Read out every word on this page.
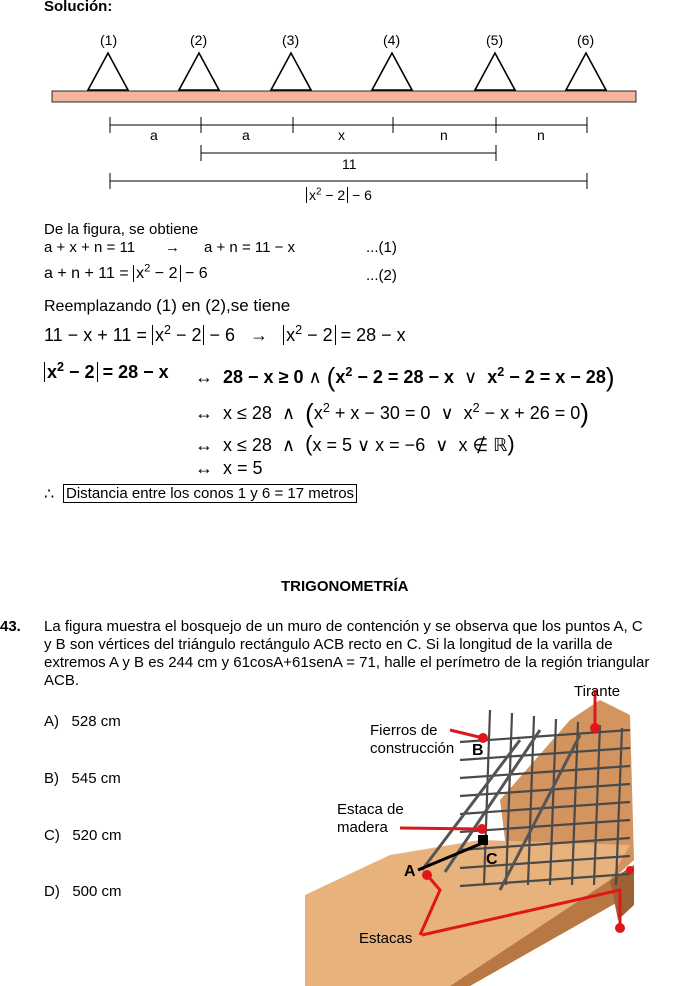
Solución:
(1)	(2)	(3)	(4)	(5)	(6)
a	a	x	n	n
11
$x^2 - 2 - 6$
De la figura, se obtiene
a + x + n = 11 → a + n = 11 − x	...(1)
$a + n + 11 = x^2 - 2 - 6$	...(2)
Reemplazando (1) en (2),se tiene
$11 - x + 11 = x^2 - 2 - 6 \to x^2 - 2 = 28 - x$
$x^2 - 2 = 28 - x$ ↔ 28 − x ≥ 0 ∧ ($x^2 - 2 = 28 - x$ ∨ $x^2 - 2 = x - 28$)
↔ x ≤ 28 ∧ ($x^2 + x - 30 = 0$ ∨ $x^2 - x + 26 = 0$)
↔ x ≤ 28 ∧ (x = 5 ∨ x = −6 ∨ x ∉ ℝ)
↔ x = 5
∴ Distancia entre los conos 1 y 6 = 17 metros
TRIGONOMETRÍA
43. La figura muestra el bosquejo de un muro de contención y se observa que los puntos A, C
y B son vértices del triángulo rectángulo ACB recto en C. Si la longitud de la varilla de
extremos A y B es 244 cm y 61cosA+61senA = 71, halle el perímetro de la región triangular
ACB.
A) 528 cm
B) 545 cm
C) 520 cm
D) 500 cm
Tirante
Fierros de
construcción B
Estaca de
madera
C
A
Estacas
